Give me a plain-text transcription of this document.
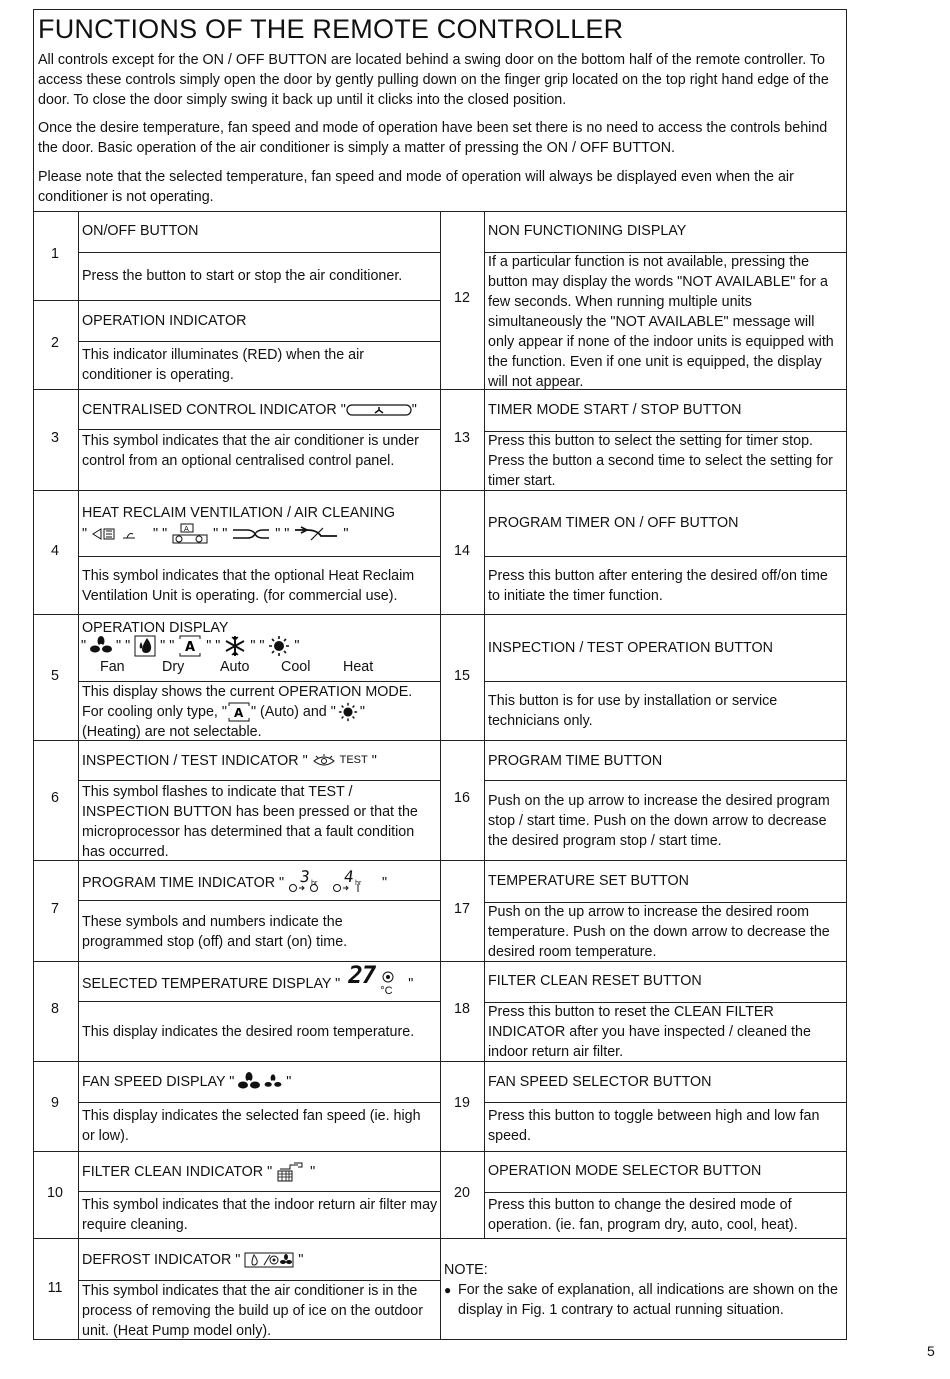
FUNCTIONS OF THE REMOTE CONTROLLER
All controls except for the ON / OFF BUTTON are located behind a swing door on the bottom half of the remote controller. To access these controls simply open the door by gently pulling down on the finger grip located on the top right hand edge of the door. To close the door simply swing it back up until it clicks into the closed position.
Once the desire temperature, fan speed and mode of operation have been set there is no need to access the controls behind the door. Basic operation of the air conditioner is simply a matter of pressing the ON / OFF BUTTON.
Please note that the selected temperature, fan speed and mode of operation will always be displayed even when the air conditioner is not operating.
1
ON/OFF BUTTON
Press the button to start or stop the air conditioner.
2
OPERATION INDICATOR
This indicator illuminates (RED) when the air conditioner is operating.
3
CENTRALISED CONTROL INDICATOR "	"
This symbol indicates that the air conditioner is under control from an optional centralised control panel.
4
HEAT RECLAIM VENTILATION / AIR CLEANING
"	" " A " "	" "	"
This symbol indicates that the optional Heat Reclaim Ventilation Unit is operating. (for commercial use).
5
OPERATION DISPLAY
" " " " " A " " " " "
Fan	Dry	Auto Cool Heat
This display shows the current OPERATION MODE.
For cooling only type, " A " (Auto) and " "
(Heating) are not selectable.
6
INSPECTION / TEST INDICATOR "	TEST "
This symbol flashes to indicate that TEST / INSPECTION BUTTON has been pressed or that the microprocessor has determined that a fault condition has occurred.
7
PROGRAM TIME INDICATOR " 3 hr 4 hr "
These symbols and numbers indicate the programmed stop (off) and start (on) time.
8
SELECTED TEMPERATURE DISPLAY " 27
°C "
This display indicates the desired room temperature.
9
FAN SPEED DISPLAY "	"
This display indicates the selected fan speed (ie. high or low).
10
FILTER CLEAN INDICATOR "	"
This symbol indicates that the indoor return air filter may require cleaning.
11
DEFROST INDICATOR "	"
This symbol indicates that the air conditioner is in the process of removing the build up of ice on the outdoor unit. (Heat Pump model only).
12
NON FUNCTIONING DISPLAY
If a particular function is not available, pressing the button may display the words "NOT AVAILABLE" for a few seconds. When running multiple units simultaneously the "NOT AVAILABLE" message will only appear if none of the indoor units is equipped with the function. Even if one unit is equipped, the display will not appear.
13
TIMER MODE START / STOP BUTTON
Press this button to select the setting for timer stop. Press the button a second time to select the setting for timer start.
14
PROGRAM TIMER ON / OFF BUTTON
Press this button after entering the desired off/on time to initiate the timer function.
15
INSPECTION / TEST OPERATION BUTTON
This button is for use by installation or service technicians only.
16
PROGRAM TIME BUTTON
Push on the up arrow to increase the desired program stop / start time. Push on the down arrow to decrease the desired program stop / start time.
17
TEMPERATURE SET BUTTON
Push on the up arrow to increase the desired room temperature. Push on the down arrow to decrease the desired room temperature.
18
FILTER CLEAN RESET BUTTON
Press this button to reset the CLEAN FILTER INDICATOR after you have inspected / cleaned the indoor return air filter.
19
FAN SPEED SELECTOR BUTTON
Press this button to toggle between high and low fan speed.
20
OPERATION MODE SELECTOR BUTTON
Press this button to change the desired mode of operation. (ie. fan, program dry, auto, cool, heat).
NOTE:
● For the sake of explanation, all indications are shown on the display in Fig. 1 contrary to actual running situation.
5
